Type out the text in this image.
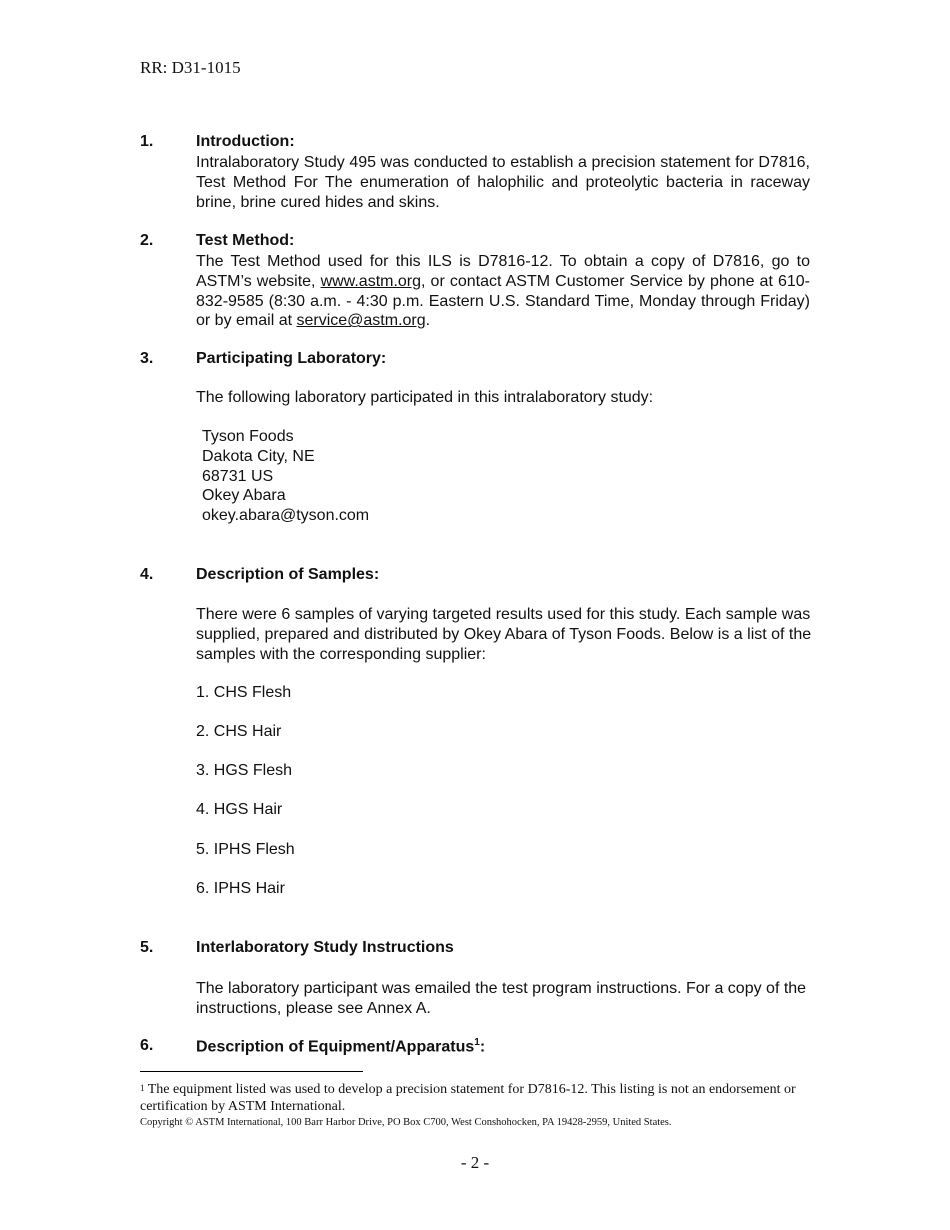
RR: D31-1015
1.	Introduction:
Intralaboratory Study 495 was conducted to establish a precision statement for D7816, Test Method For The enumeration of halophilic and proteolytic bacteria in raceway brine, brine cured hides and skins.
2.	Test Method:
The Test Method used for this ILS is D7816-12. To obtain a copy of D7816, go to ASTM’s website, www.astm.org, or contact ASTM Customer Service by phone at 610-832-9585 (8:30 a.m. - 4:30 p.m. Eastern U.S. Standard Time, Monday through Friday) or by email at service@astm.org.
3.	Participating Laboratory:
The following laboratory participated in this intralaboratory study:
Tyson Foods
Dakota City, NE
68731 US
Okey Abara
okey.abara@tyson.com
4.	Description of Samples:
There were 6 samples of varying targeted results used for this study. Each sample was supplied, prepared and distributed by Okey Abara of Tyson Foods. Below is a list of the samples with the corresponding supplier:
1. CHS Flesh
2. CHS Hair
3. HGS Flesh
4. HGS Hair
5. IPHS Flesh
6. IPHS Hair
5.	Interlaboratory Study Instructions
The laboratory participant was emailed the test program instructions. For a copy of the instructions, please see Annex A.
6.	Description of Equipment/Apparatus$^1$:
$^1$ The equipment listed was used to develop a precision statement for D7816-12. This listing is not an endorsement or certification by ASTM International.
Copyright © ASTM International, 100 Barr Harbor Drive, PO Box C700, West Conshohocken, PA 19428-2959, United States.
- 2 -
